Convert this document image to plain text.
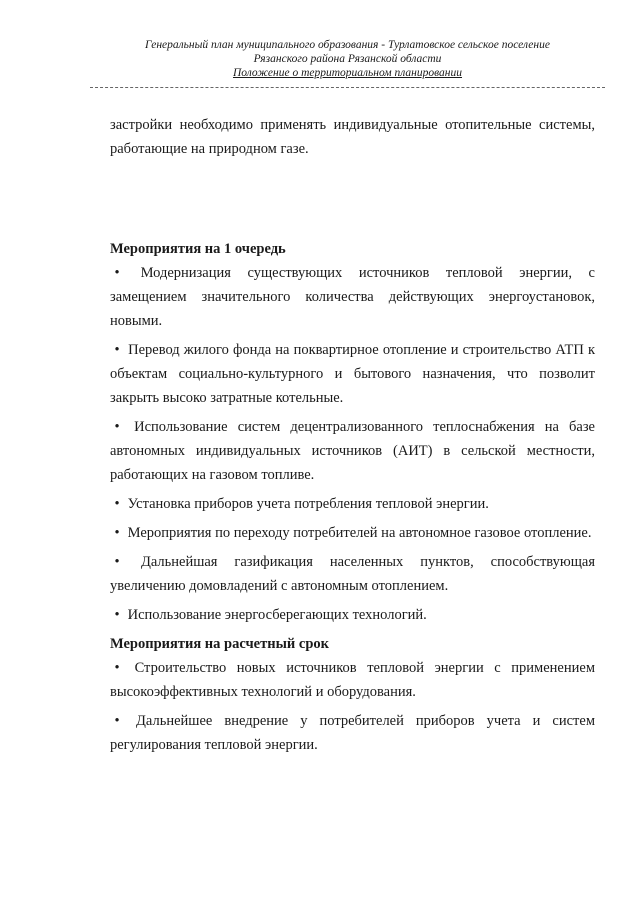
Генеральный план муниципального образования - Турлатовское сельское поселение
Рязанского района Рязанской области
Положение о территориальном планировании

застройки необходимо применять индивидуальные отопительные системы, работающие на природном газе.

Мероприятия на 1 очередь

• Модернизация существующих источников тепловой энергии, с замещением значительного количества действующих энергоустановок, новыми.
• Перевод жилого фонда на поквартирное отопление и строительство АТП к объектам социально-культурного и бытового назначения, что позволит закрыть высоко затратные котельные.
• Использование систем децентрализованного теплоснабжения на базе автономных индивидуальных источников (АИТ) в сельской местности, работающих на газовом топливе.
• Установка приборов учета потребления тепловой энергии.
• Мероприятия по переходу потребителей на автономное газовое отопление.
• Дальнейшая газификация населенных пунктов, способствующая увеличению домовладений с автономным отоплением.
• Использование энергосберегающих технологий.

Мероприятия на расчетный срок

• Строительство новых источников тепловой энергии с применением высокоэффективных технологий и оборудования.
• Дальнейшее внедрение у потребителей приборов учета и систем регулирования тепловой энергии.
